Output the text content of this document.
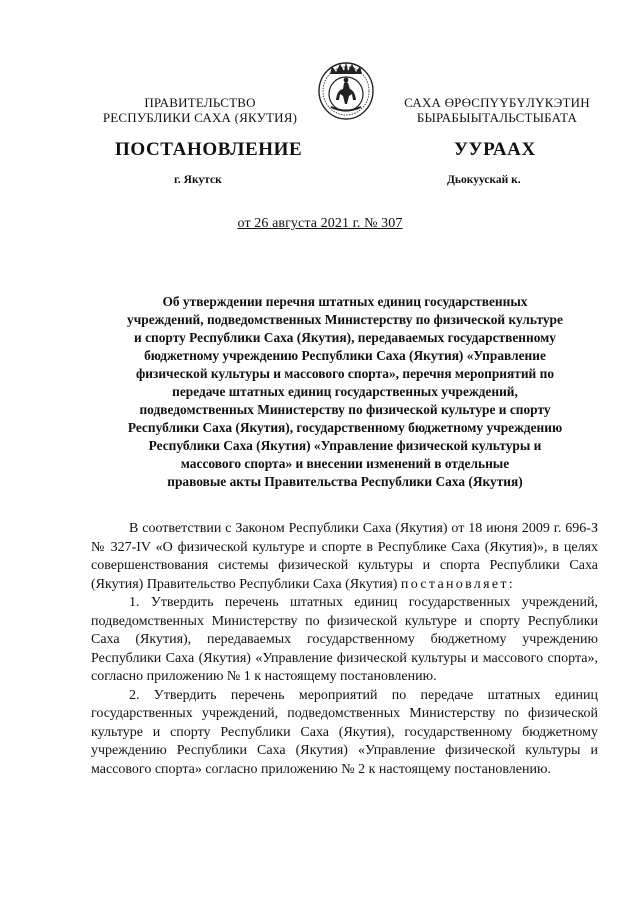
ПРАВИТЕЛЬСТВО
РЕСПУБЛИКИ САХА (ЯКУТИЯ)
САХА ӨРӨСПҮҮБҮЛҮКЭТИН
БЫРАБЫЫТАЛЬСТЫБАТА
ПОСТАНОВЛЕНИЕ	УУРААХ
г. Якутск	Дьокуускай к.
от 26 августа 2021 г. № 307
Об утверждении перечня штатных единиц государственных
учреждений, подведомственных Министерству по физической культуре
и спорту Республики Саха (Якутия), передаваемых государственному
бюджетному учреждению Республики Саха (Якутия) «Управление
физической культуры и массового спорта», перечня мероприятий по
передаче штатных единиц государственных учреждений,
подведомственных Министерству по физической культуре и спорту
Республики Саха (Якутия), государственному бюджетному учреждению
Республики Саха (Якутия) «Управление физической культуры и
массового спорта» и внесении изменений в отдельные
правовые акты Правительства Республики Саха (Якутия)

В соответствии с Законом Республики Саха (Якутия) от 18 июня 2009 г. 696-З № 327-IV «О физической культуре и спорте в Республике Саха (Якутия)», в целях совершенствования системы физической культуры и спорта Республики Саха (Якутия) Правительство Республики Саха (Якутия) постановляет:

1. Утвердить перечень штатных единиц государственных учреждений, подведомственных Министерству по физической культуре и спорту Республики Саха (Якутия), передаваемых государственному бюджетному учреждению Республики Саха (Якутия) «Управление физической культуры и массового спорта», согласно приложению № 1 к настоящему постановлению.

2. Утвердить перечень мероприятий по передаче штатных единиц государственных учреждений, подведомственных Министерству по физической культуре и спорту Республики Саха (Якутия), государственному бюджетному учреждению Республики Саха (Якутия) «Управление физической культуры и массового спорта» согласно приложению № 2 к настоящему постановлению.
